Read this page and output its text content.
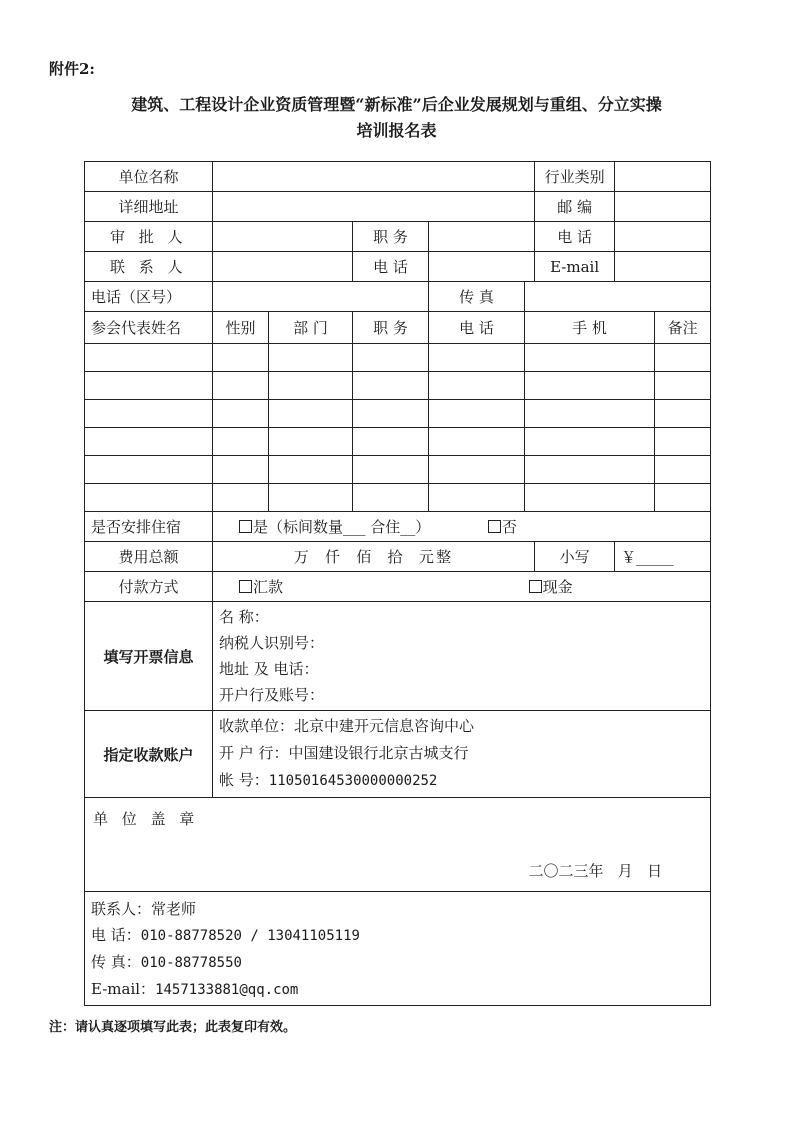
附件2:
建筑、工程设计企业资质管理暨“新标准”后企业发展规划与重组、分立实操
培训报名表
单位名称						行业类别		
详细地址						邮 编		
审 批 人			职 务			电 话		
联 系 人			电 话			E-mail		
电话（区号）				传 真				
参会代表姓名	性别	部 门	职 务	电 话	手 机			备注

是否安排住宿	是（标间数量___ 合住__） 否							
费用总额	万  仟  佰  拾  元整					小写	￥_____	
付款方式	汇款 现金							
填写开票信息	名 称：
纳税人识别号：
地址 及 电话：
开户行及账号：							

指定收款账户	收款单位：北京中建开元信息咨询中心
开 户 行：中国建设银行北京古城支行
帐 号：11050164530000000252							

单 位 盖 章
二〇二三年   月   日								

联系人：常老师
电 话：010-88778520 / 13041105119
传 真：010-88778550
E-mail：1457133881@qq.com								
注：请认真逐项填写此表；此表复印有效。
